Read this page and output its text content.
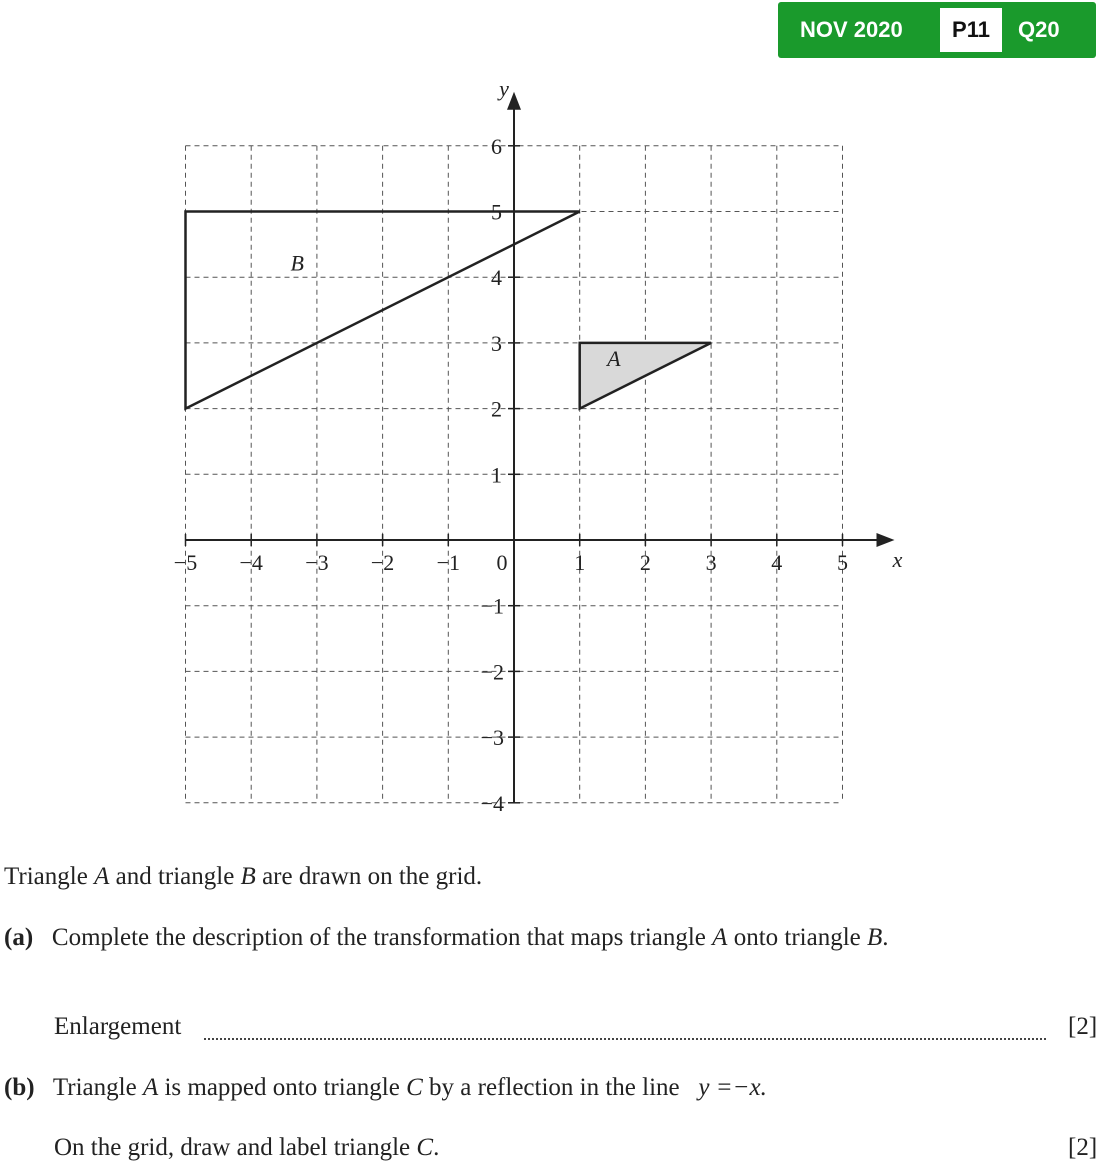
NOV 2020	P11	Q20
−5 −4 −3 −2 −1 0	1 2 3 4 5
1
2
3
4
5
6
−1
−2
−3
−4
x
y
B
A
Triangle A and triangle B are drawn on the grid.
(a) Complete the description of the transformation that maps triangle A onto triangle B.
Enlargement	[2]
(b) Triangle A is mapped onto triangle C by a reflection in the line y =−x.
On the grid, draw and label triangle C.	[2]
